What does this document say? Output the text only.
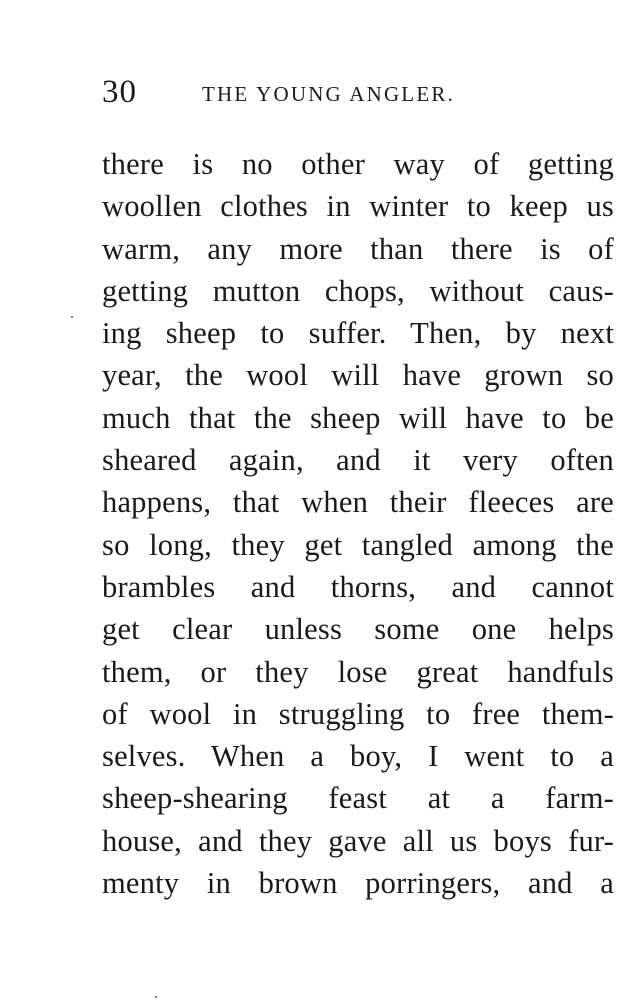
30	THE YOUNG ANGLER.
there is no other way of getting
woollen clothes in winter to keep us
warm, any more than there is of
getting mutton chops, without caus-
ing sheep to suffer. Then, by next
year, the wool will have grown so
much that the sheep will have to be
sheared again, and it very often
happens, that when their fleeces are
so long, they get tangled among the
brambles and thorns, and cannot
get clear unless some one helps
them, or they lose great handfuls
of wool in struggling to free them-
selves. When a boy, I went to a
sheep-shearing feast at a farm-
house, and they gave all us boys fur-
menty in brown porringers, and a
